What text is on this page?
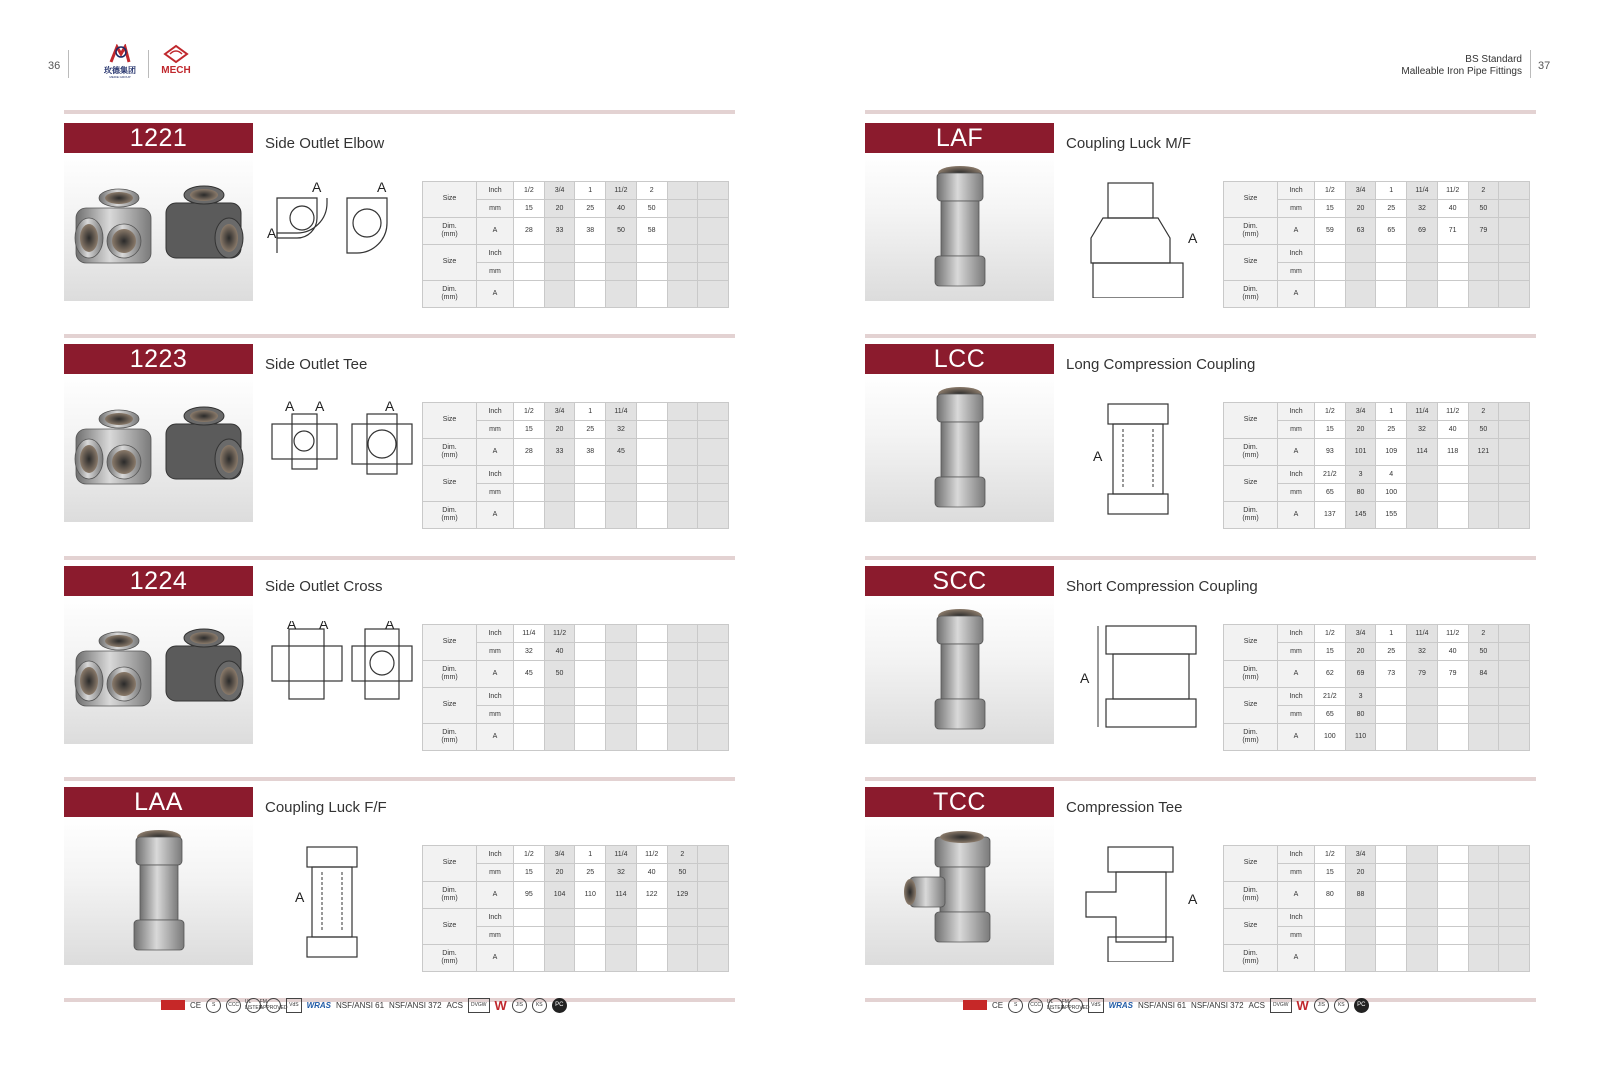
36	玫德集团
MEIDE GROUP
MECH
BS Standard
Malleable Iron Pipe Fittings 37
1221	Side Outlet Elbow
A	A
A
Size	Inch	1/2	3/4	1	11/2	2		
	mm	15	20	25	40	50		
Dim.
(mm)	A	28	33	38	50	58		
Size	Inch							
	mm							
Dim.
(mm)	A							
1223	Side Outlet Tee
A A	A
Size	Inch	1/2	3/4	1	11/4			
	mm	15	20	25	32			
Dim.
(mm)	A	28	33	38	45			
Size	Inch							
	mm							
Dim.
(mm)	A							
1224	Side Outlet Cross
A A	A
Size	Inch	11/4	11/2					
	mm	32	40					
Dim.
(mm)	A	45	50					
Size	Inch							
	mm							
Dim.
(mm)	A							
LAA	Coupling Luck F/F
A
Size	Inch	1/2	3/4	1	11/4	11/2	2	
	mm	15	20	25	32	40	50	
Dim.
(mm)	A	95	104	110	114	122	129	
Size	Inch							
	mm							
Dim.
(mm)	A							
LAF	Coupling Luck M/F
A
Size	Inch	1/2	3/4	1	11/4	11/2	2	
	mm	15	20	25	32	40	50	
Dim.
(mm)	A	59	63	65	69	71	79	
Size	Inch							
	mm							
Dim.
(mm)	A							
LCC	Long Compression Coupling
A
Size	Inch	1/2	3/4	1	11/4	11/2	2	
	mm	15	20	25	32	40	50	
Dim.
(mm)	A	93	101	109	114	118	121	
Size	Inch	21/2	3	4				
	mm	65	80	100				
Dim.
(mm)	A	137	145	155				
SCC	Short Compression Coupling
A
Size	Inch	1/2	3/4	1	11/4	11/2	2	
	mm	15	20	25	32	40	50	
Dim.
(mm)	A	62	69	73	79	79	84	
Size	Inch	21/2	3					
	mm	65	80					
Dim.
(mm)	A	100	110					
TCC	Compression Tee
A
Size	Inch	1/2	3/4					
	mm	15	20					
Dim.
(mm)	A	80	88					
Size	Inch							
	mm							
Dim.
(mm)	A							
CE	S	CCC	UL LISTED
FM APPROVED VdS	WRAS NSF/ANSI 61 NSF/ANSI 372 ACS	DVGW W	JIS	KS	PC	CE	S	CCC	UL LISTED
FM APPROVED VdS	WRAS NSF/ANSI 61 NSF/ANSI 372 ACS	DVGW W	JIS	KS	PC
